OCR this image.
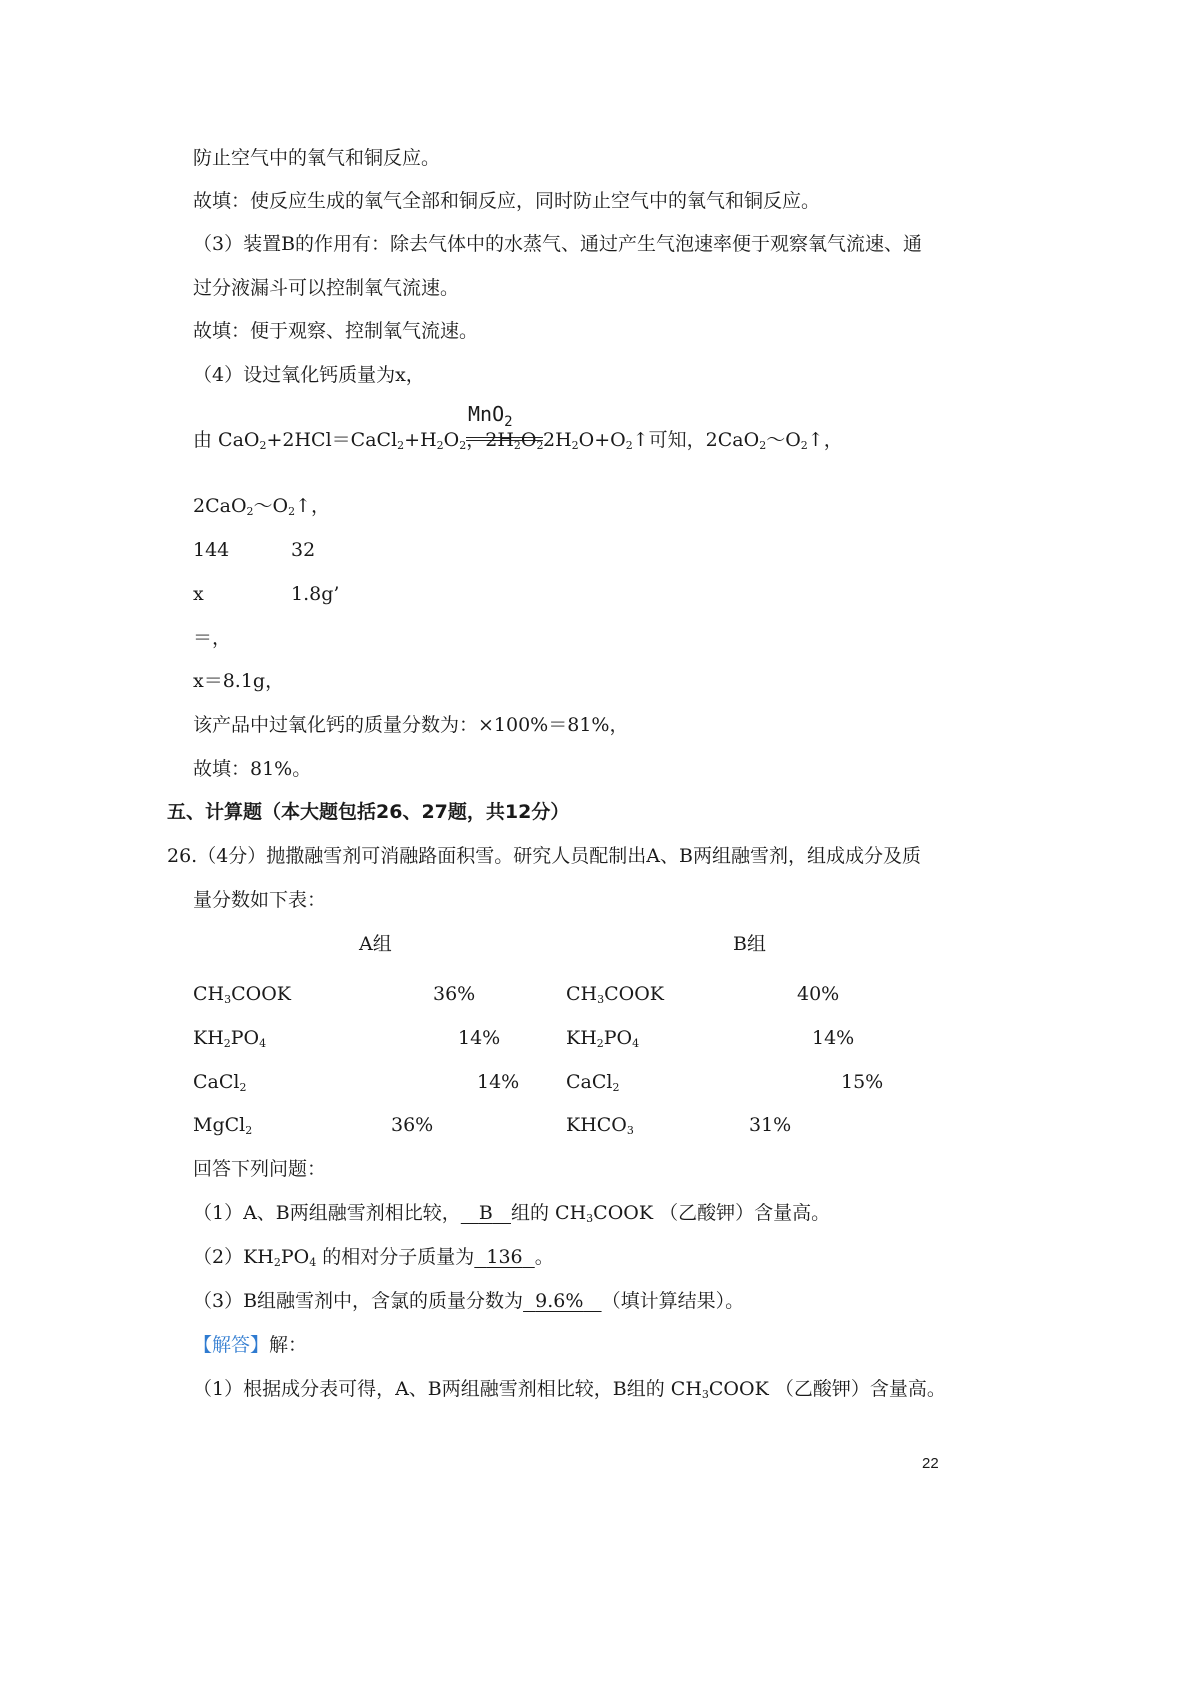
防止空气中的氧气和铜反应。
故填：使反应生成的氧气全部和铜反应，同时防止空气中的氧气和铜反应。
（3）装置B的作用有：除去气体中的水蒸气、通过产生气泡速率便于观察氧气流速、通
过分液漏斗可以控制氧气流速。
故填：便于观察、控制氧气流速。
（4）设过氧化钙质量为x，
MnO$_2$
由 $CaO_2+2HCl=CaCl_2+H_2O_2$，$2H_2O_2$ $2H_2O+O_2↑$可知，$2CaO_2\sim O_2↑$，
$2CaO_2\sim O_2↑$，
144	32
x	1.8g’
＝，
x＝8.1g，
该产品中过氧化钙的质量分数为：×100%＝81%，
故填：81%。
五、计算题（本大题包括26、27题，共12分）
26.（4分）抛撒融雪剂可消融路面积雪。研究人员配制出A、B两组融雪剂，组成成分及质
量分数如下表：
A组	B组
$CH_3COOK$	36%	$CH_3COOK$	40%
$KH_2PO_4$	14%	$KH_2PO_4$	14%
CaCl$_2$	14% CaCl$_2$	15%
MgCl$_2$	36%	$KHCO_3$	31%
回答下列问题：
（1）A、B两组融雪剂相比较， B 组的 $CH_3COOK$ （乙酸钾）含量高。
$(2)KH_2PO_4$ 的相对分子质量为 136 。
（3）B组融雪剂中，含氯的质量分数为 9.6% （填计算结果）。
【解答】解：
（1）根据成分表可得，A、B两组融雪剂相比较，B组的 $CH_3COOK$ （乙酸钾）含量高。
22
